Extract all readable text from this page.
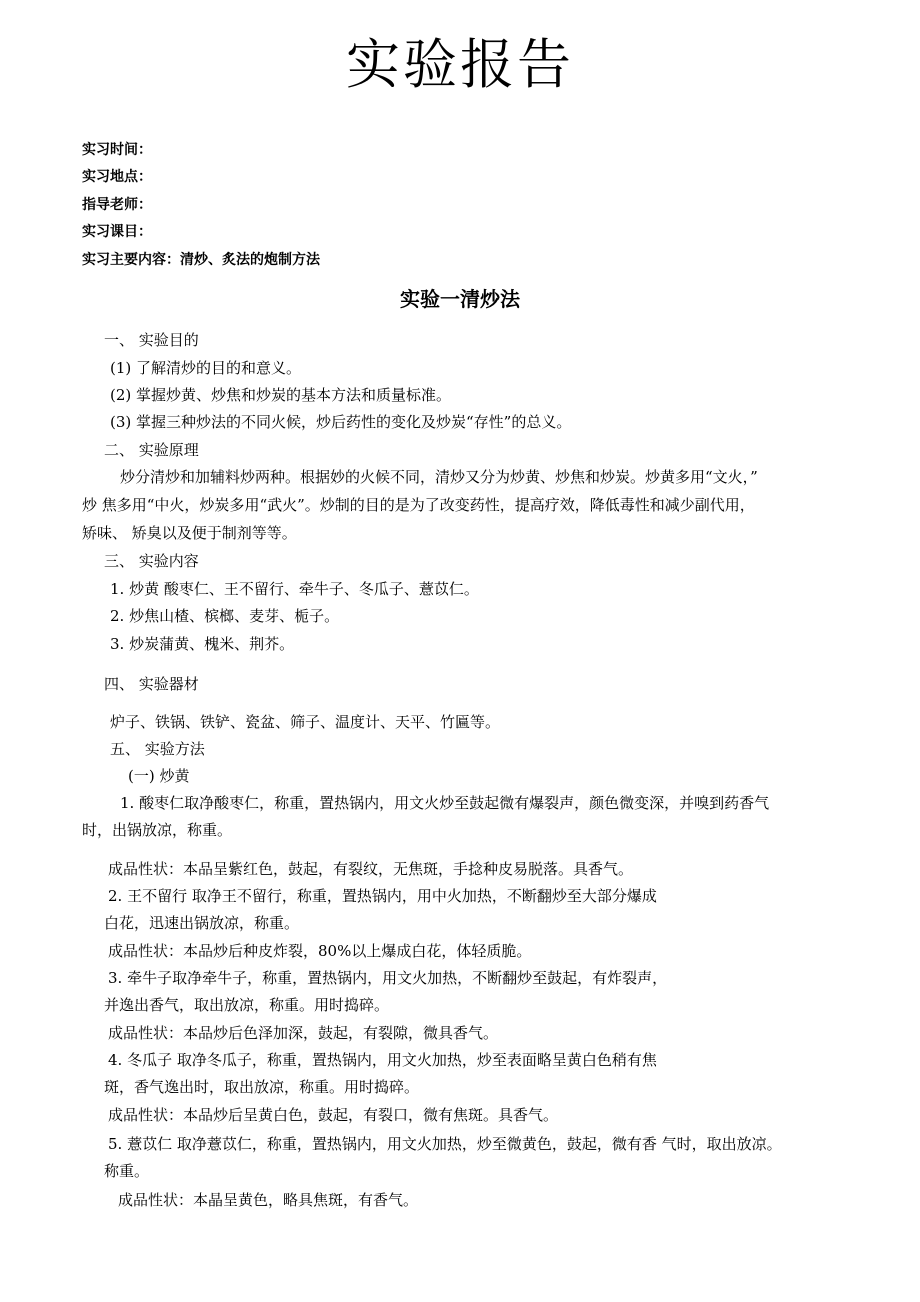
实验报告
实习时间：
实习地点：
指导老师：
实习课目：
实习主要内容：清炒、炙法的炮制方法
实验一清炒法
一、 实验目的
(1) 了解清炒的目的和意义。
(2) 掌握炒黄、炒焦和炒炭的基本方法和质量标准。
(3) 掌握三种炒法的不同火候，炒后药性的变化及炒炭“存性”的总义。
二、 实验原理
炒分清炒和加辅料炒两种。根据妙的火候不同，清炒又分为炒黄、炒焦和炒炭。炒黄多用“文火，”
炒 焦多用“中火，炒炭多用“武火”。炒制的目的是为了改变药性，提高疗效，降低毒性和减少副代用，
矫味、 矫臭以及便于制剂等等。
三、 实验内容
1. 炒黄 酸枣仁、王不留行、牵牛子、冬瓜子、薏苡仁。
2. 炒焦山楂、槟榔、麦芽、栀子。
3. 炒炭蒲黄、槐米、荆芥。
四、 实验器材
炉子、铁锅、铁铲、瓷盆、筛子、温度计、天平、竹匾等。
五、 实验方法
(一) 炒黄
1. 酸枣仁取净酸枣仁，称重，置热锅内，用文火炒至鼓起微有爆裂声，颜色微变深，并嗅到药香气
时，出锅放凉，称重。
成品性状：本品呈紫红色，鼓起，有裂纹，无焦斑，手捻种皮易脱落。具香气。
2. 王不留行 取净王不留行，称重，置热锅内，用中火加热，不断翻炒至大部分爆成
白花，迅速出锅放凉，称重。
成品性状：本品炒后种皮炸裂，80%以上爆成白花，体轻质脆。
3. 牵牛子取净牵牛子，称重，置热锅内，用文火加热，不断翻炒至鼓起，有炸裂声，
并逸出香气，取出放凉，称重。用时捣碎。
成品性状：本品炒后色泽加深，鼓起，有裂隙，微具香气。
4. 冬瓜子 取净冬瓜子，称重，置热锅内，用文火加热，炒至表面略呈黄白色稍有焦
斑，香气逸出时，取出放凉，称重。用时捣碎。
成品性状：本品炒后呈黄白色，鼓起，有裂口，微有焦斑。具香气。
5. 薏苡仁 取净薏苡仁，称重，置热锅内，用文火加热，炒至微黄色，鼓起，微有香 气时，取出放凉。
称重。
成品性状：本晶呈黄色，略具焦斑，有香气。
